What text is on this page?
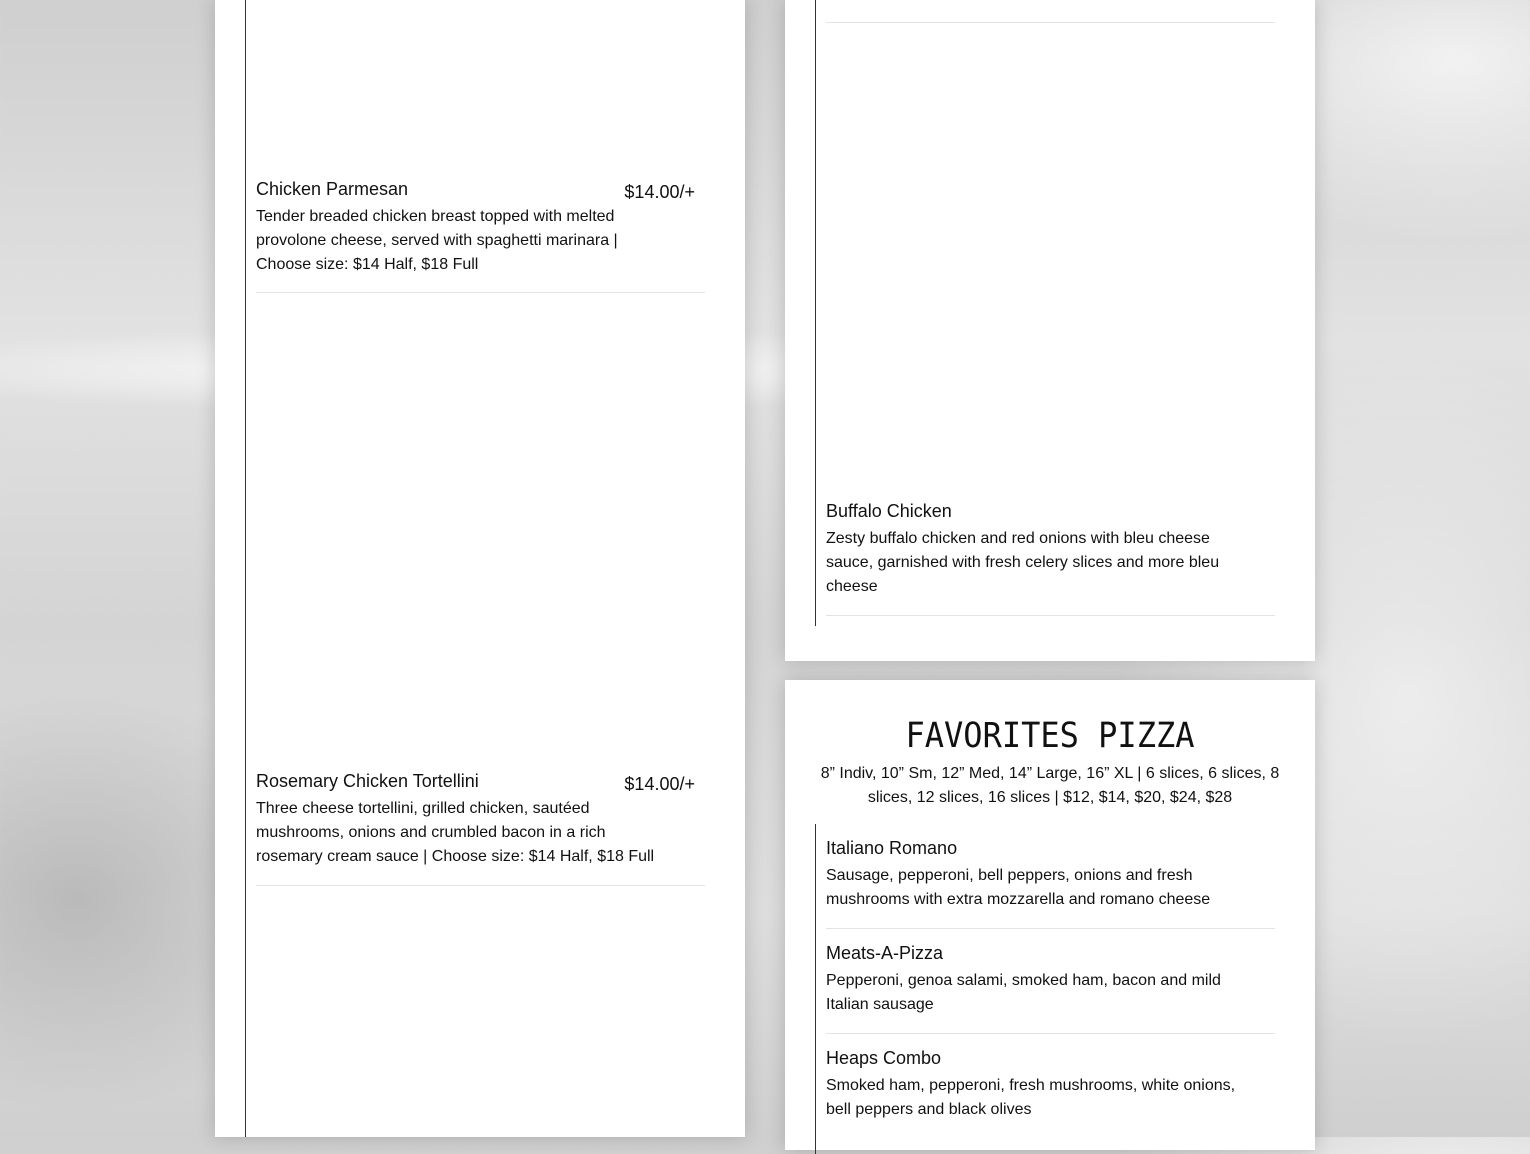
Chicken Parmesan	$14.00/+
Tender breaded chicken breast topped with melted provolone cheese, served with spaghetti marinara | Choose size: $14 Half, $18 Full
Rosemary Chicken Tortellini	$14.00/+
Three cheese tortellini, grilled chicken, sautéed mushrooms, onions and crumbled bacon in a rich rosemary cream sauce | Choose size: $14 Half, $18 Full
Buffalo Chicken
Zesty buffalo chicken and red onions with bleu cheese sauce, garnished with fresh celery slices and more bleu cheese
FAVORITES PIZZA
8” Indiv, 10” Sm, 12” Med, 14” Large, 16” XL | 6 slices, 6 slices, 8 slices, 12 slices, 16 slices | $12, $14, $20, $24, $28
Italiano Romano
Sausage, pepperoni, bell peppers, onions and fresh mushrooms with extra mozzarella and romano cheese
Meats-A-Pizza
Pepperoni, genoa salami, smoked ham, bacon and mild Italian sausage
Heaps Combo
Smoked ham, pepperoni, fresh mushrooms, white onions, bell peppers and black olives
